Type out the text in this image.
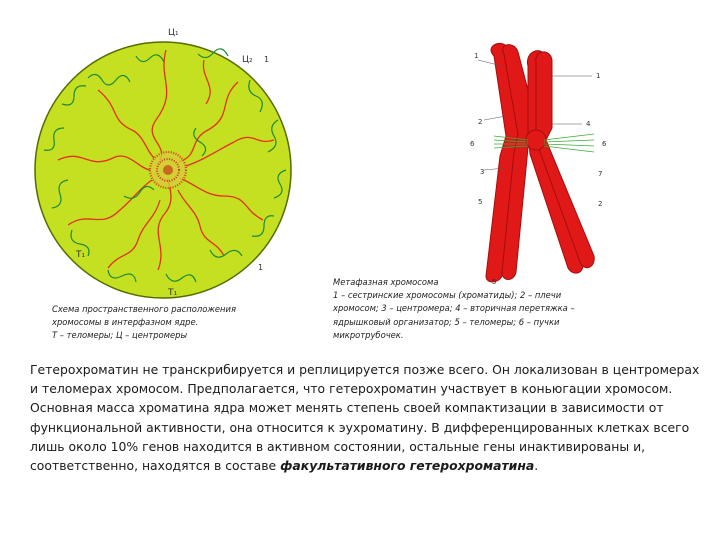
Ц₁
Ц₂
Т₁
Т₁
1
1	1
1
2	4
6	6
3	7
5	2
5
Схема пространственного расположения
хромосомы в интерфазном ядре.
Т – теломеры; Ц – центромеры
Метафазная хромосома
1 – сестринские хромосомы (хроматиды); 2 – плечи
хромосом; 3 – центромера; 4 – вторичная перетяжка –
ядрышковый организатор; 5 – теломеры; 6 – пучки
микротрубочек.

Гетерохроматин не транскрибируется и реплицируется позже всего. Он локализован в центромерах и теломерах хромосом. Предполагается, что гетерохроматин участвует в коньюгации хромосом.

Основная масса хроматина ядра может менять степень своей компактизации в зависимости от функциональной активности, она относится к эухроматину. В дифференцированных клетках всего лишь около 10% генов находится в активном состоянии, остальные гены инактивированы и, соответственно, находятся в составе факультативного гетерохроматина.
